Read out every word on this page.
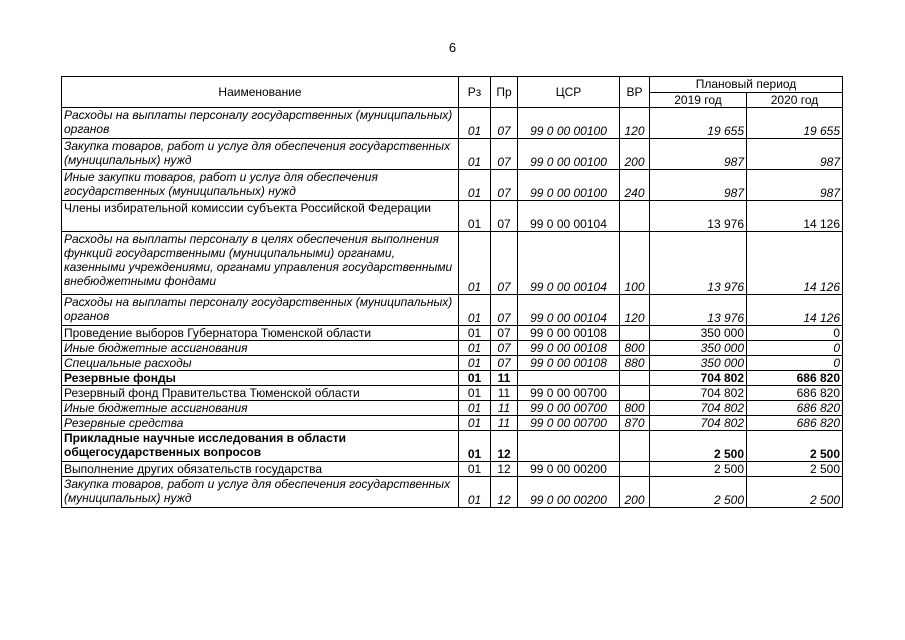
6
Наименование	Рз	Пр	ЦСР	ВР	Плановый период	
					2019 год	2020 год
Расходы на выплаты персоналу государственных (муниципальных) органов	01	07	99 0 00 00100	120	19 655	19 655
Закупка товаров, работ и услуг для обеспечения государственных (муниципальных) нужд	01	07	99 0 00 00100	200	987	987
Иные закупки товаров, работ и услуг для обеспечения государственных (муниципальных) нужд	01	07	99 0 00 00100	240	987	987
Члены избирательной комиссии субъекта Российской Федерации	01	07	99 0 00 00104		13 976	14 126
Расходы на выплаты персоналу в целях обеспечения выполнения функций государственными (муниципальными) органами, казенными учреждениями, органами управления государственными внебюджетными фондами	01	07	99 0 00 00104	100	13 976	14 126
Расходы на выплаты персоналу государственных (муниципальных) органов	01	07	99 0 00 00104	120	13 976	14 126
Проведение выборов Губернатора Тюменской области	01	07	99 0 00 00108		350 000	0
Иные бюджетные ассигнования	01	07	99 0 00 00108	800	350 000	0
Специальные расходы	01	07	99 0 00 00108	880	350 000	0
Резервные фонды	01	11			704 802	686 820
Резервный фонд Правительства Тюменской области	01	11	99 0 00 00700		704 802	686 820
Иные бюджетные ассигнования	01	11	99 0 00 00700	800	704 802	686 820
Резервные средства	01	11	99 0 00 00700	870	704 802	686 820
Прикладные научные исследования в области общегосударственных вопросов	01	12			2 500	2 500
Выполнение других обязательств государства	01	12	99 0 00 00200		2 500	2 500
Закупка товаров, работ и услуг для обеспечения государственных (муниципальных) нужд	01	12	99 0 00 00200	200	2 500	2 500
